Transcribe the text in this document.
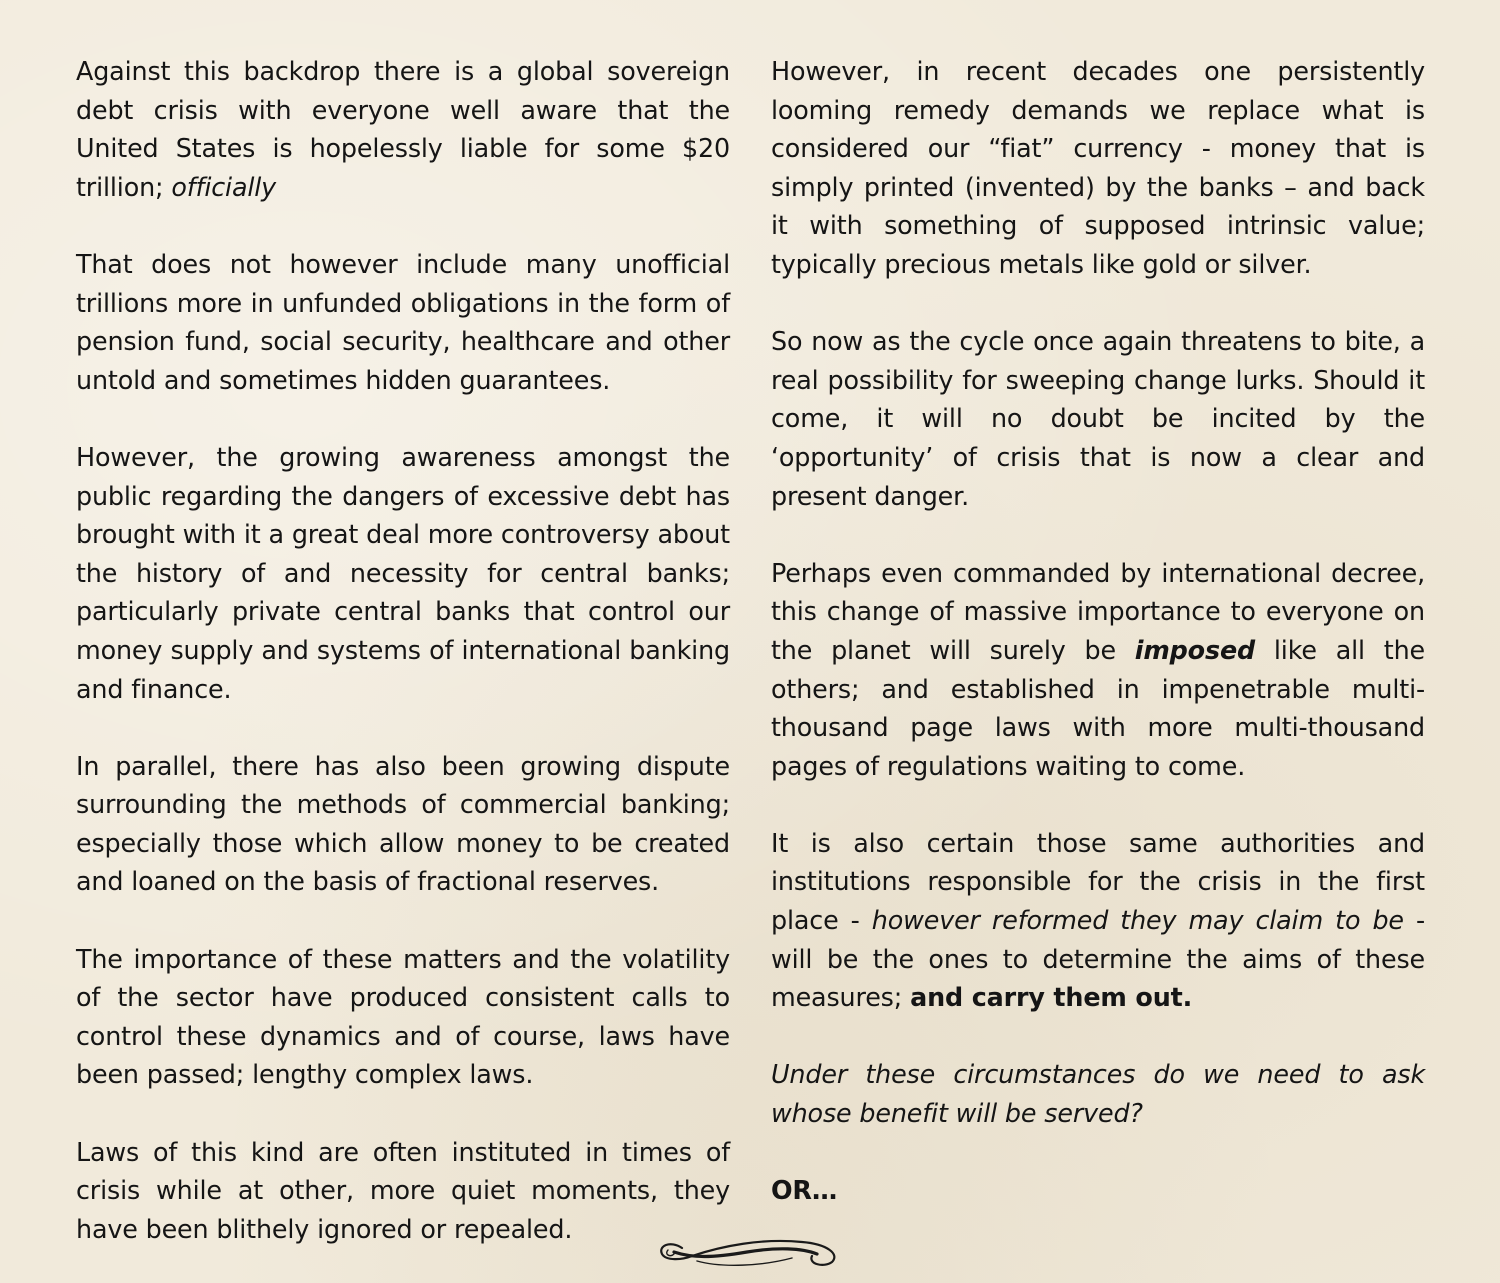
Against this backdrop there is a global sovereign debt crisis with everyone well aware that the United States is hopelessly liable for some $20 trillion; officially

That does not however include many unofficial trillions more in unfunded obligations in the form of pension fund, social security, healthcare and other untold and sometimes hidden guarantees.

However, the growing awareness amongst the public regarding the dangers of excessive debt has brought with it a great deal more controversy about the history of and necessity for central banks; particularly private central banks that control our money supply and systems of international banking and finance.

In parallel, there has also been growing dispute surrounding the methods of commercial banking; especially those which allow money to be created and loaned on the basis of fractional reserves.

The importance of these matters and the volatility of the sector have produced consistent calls to control these dynamics and of course, laws have been passed; lengthy complex laws.

Laws of this kind are often instituted in times of crisis while at other, more quiet moments, they have been blithely ignored or repealed.

However, in recent decades one persistently looming remedy demands we replace what is considered our “fiat” currency - money that is simply printed (invented) by the banks – and back it with something of supposed intrinsic value; typically precious metals like gold or silver.

So now as the cycle once again threatens to bite, a real possibility for sweeping change lurks. Should it come, it will no doubt be incited by the ‘opportunity’ of crisis that is now a clear and present danger.

Perhaps even commanded by international decree, this change of massive importance to everyone on the planet will surely be imposed like all the others; and established in impenetrable multi-thousand page laws with more multi-thousand pages of regulations waiting to come.

It is also certain those same authorities and institutions responsible for the crisis in the first place - however reformed they may claim to be - will be the ones to determine the aims of these measures; and carry them out.

Under these circumstances do we need to ask whose benefit will be served?

OR…
